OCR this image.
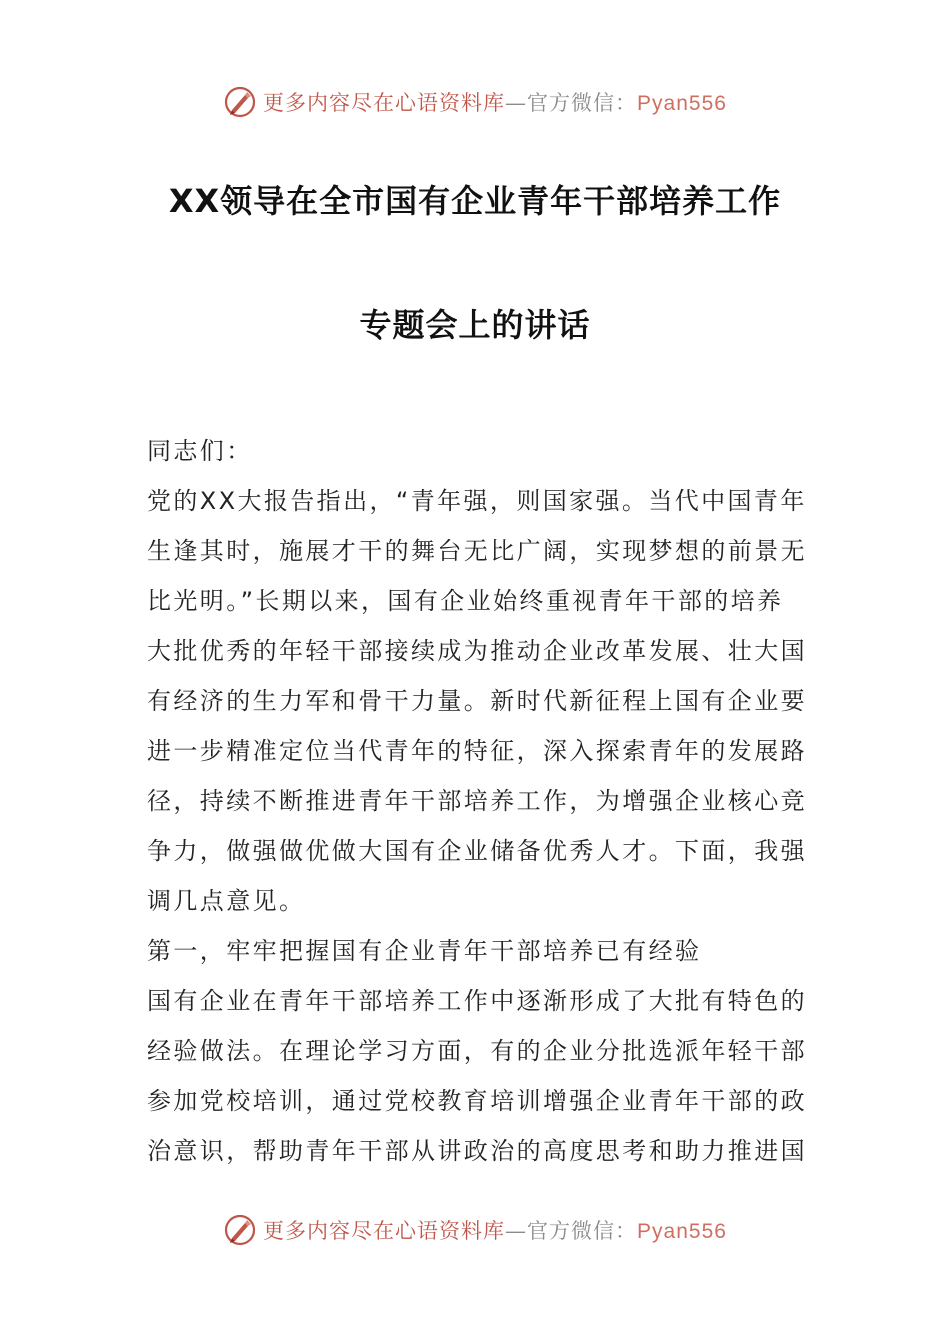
更多内容尽在心语资料库—官方微信：Pyan556
XX领导在全市国有企业青年干部培养工作
专题会上的讲话

同志们：

党的XX大报告指出，“青年强，则国家强。当代中国青年生逢其时，施展才干的舞台无比广阔，实现梦想的前景无比光明。”长期以来，国有企业始终重视青年干部的培养大批优秀的年轻干部接续成为推动企业改革发展、壮大国有经济的生力军和骨干力量。新时代新征程上国有企业要进一步精准定位当代青年的特征，深入探索青年的发展路径，持续不断推进青年干部培养工作，为增强企业核心竞争力，做强做优做大国有企业储备优秀人才。下面，我强调几点意见。

第一，牢牢把握国有企业青年干部培养已有经验

国有企业在青年干部培养工作中逐渐形成了大批有特色的经验做法。在理论学习方面，有的企业分批选派年轻干部参加党校培训，通过党校教育培训增强企业青年干部的政治意识，帮助青年干部从讲政治的高度思考和助力推进国

更多内容尽在心语资料库—官方微信：Pyan556
